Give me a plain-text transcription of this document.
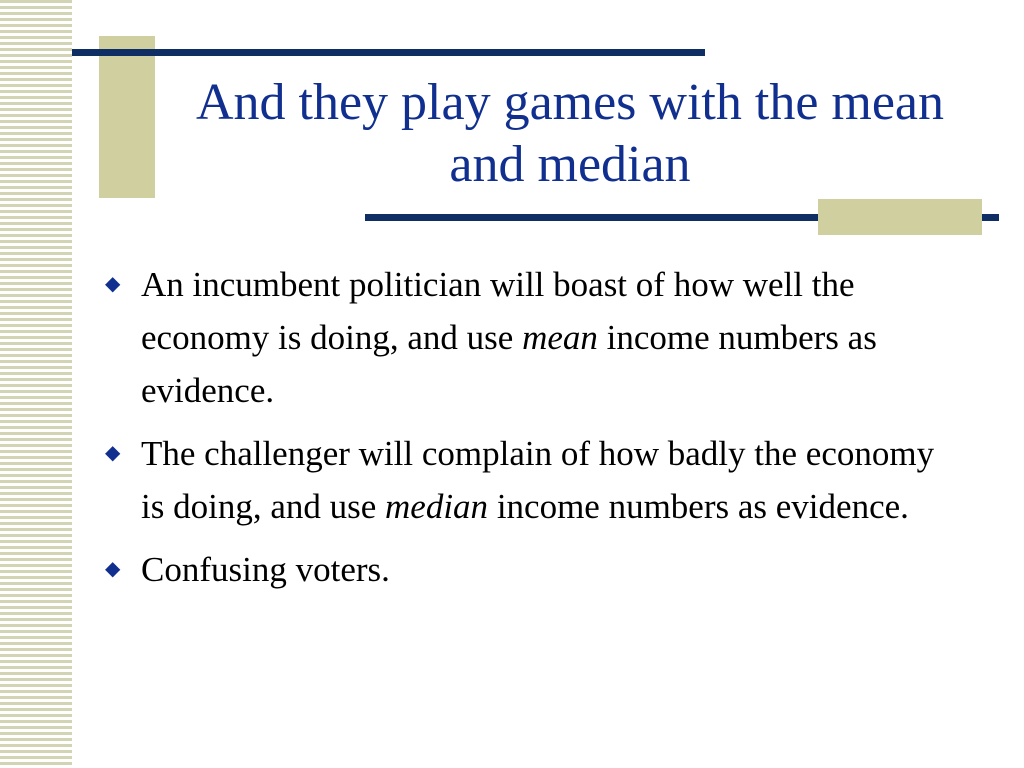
And they play games with the mean and median
◆ An incumbent politician will boast of how well the economy is doing, and use mean income numbers as evidence.
◆ The challenger will complain of how badly the economy is doing, and use median income numbers as evidence.
◆ Confusing voters.
